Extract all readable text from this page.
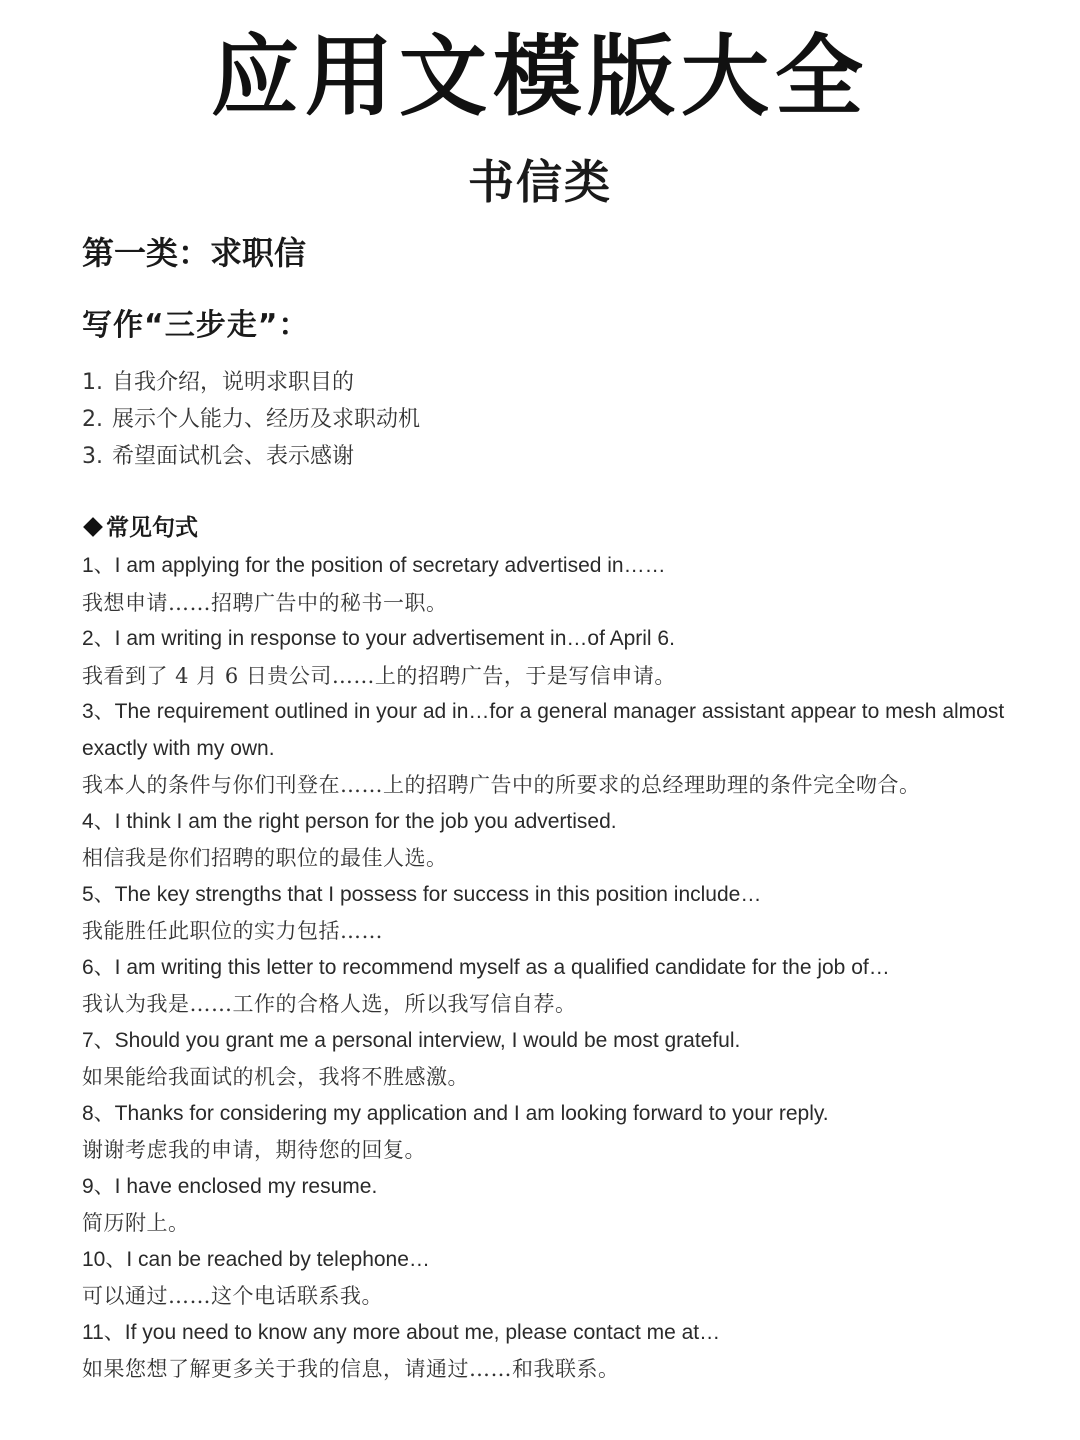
应用文模版大全
书信类
第一类：求职信
写作“三步走”：
1. 自我介绍，说明求职目的
2. 展示个人能力、经历及求职动机
3. 希望面试机会、表示感谢
常见句式

1、I am applying for the position of secretary advertised in……

我想申请……招聘广告中的秘书一职。

2、I am writing in response to your advertisement in…of April 6.

我看到了 4 月 6 日贵公司……上的招聘广告，于是写信申请。

3、The requirement outlined in your ad in…for a general manager assistant appear to mesh almost exactly with my own.

我本人的条件与你们刊登在……上的招聘广告中的所要求的总经理助理的条件完全吻合。

4、I think I am the right person for the job you advertised.

相信我是你们招聘的职位的最佳人选。

5、The key strengths that I possess for success in this position include…

我能胜任此职位的实力包括……

6、I am writing this letter to recommend myself as a qualified candidate for the job of…

我认为我是……工作的合格人选，所以我写信自荐。

7、Should you grant me a personal interview, I would be most grateful.

如果能给我面试的机会，我将不胜感激。

8、Thanks for considering my application and I am looking forward to your reply.

谢谢考虑我的申请，期待您的回复。

9、I have enclosed my resume.

简历附上。

10、I can be reached by telephone…

可以通过……这个电话联系我。

11、If you need to know any more about me, please contact me at…

如果您想了解更多关于我的信息，请通过……和我联系。
